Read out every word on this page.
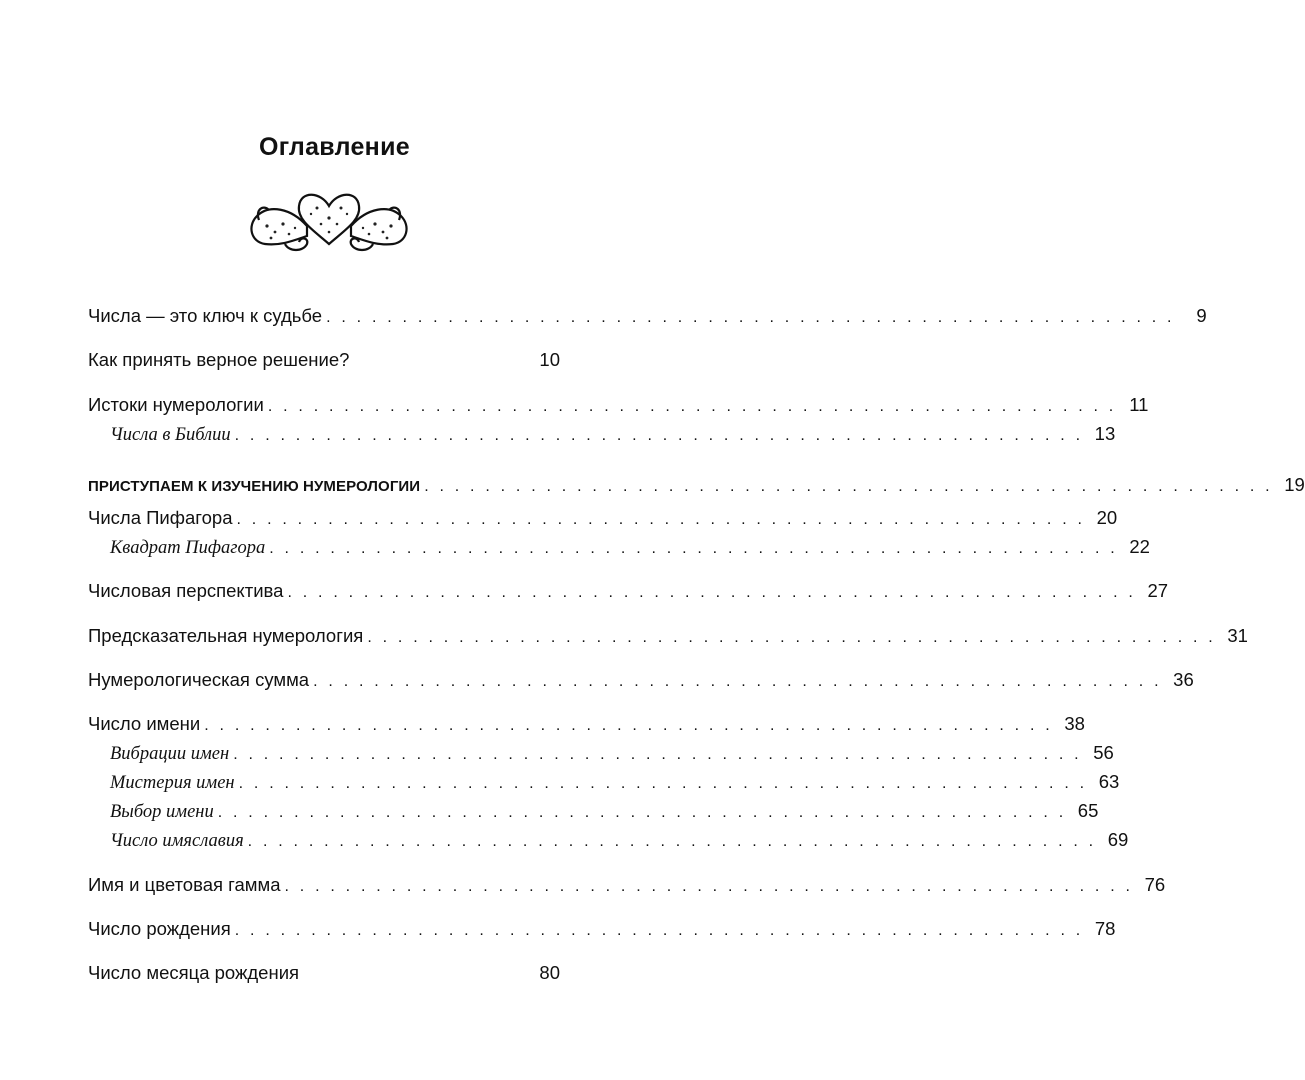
Оглавление
Числа — это ключ к судьбе . . . . . . . . . . . . . . . . . . . . . . . . . . . . . . . . . . . . . . . . . . . . . . . . . . . . . . . .	9
Как принять верное решение?	10
Истоки нумерологии . . . . . . . . . . . . . . . . . . . . . . . . . . . . . . . . . . . . . . . . . . . . . . . . . . . . . . . . 11
Числа в Библии . . . . . . . . . . . . . . . . . . . . . . . . . . . . . . . . . . . . . . . . . . . . . . . . . . . . . . . . 13
ПРИСТУПАЕМ К ИЗУЧЕНИЮ НУМЕРОЛОГИИ . . . . . . . . . . . . . . . . . . . . . . . . . . . . . . . . . . . . . . . . . . . . . . . . . . . . . . . . 19
Числа Пифагора . . . . . . . . . . . . . . . . . . . . . . . . . . . . . . . . . . . . . . . . . . . . . . . . . . . . . . . . 20
Квадрат Пифагора . . . . . . . . . . . . . . . . . . . . . . . . . . . . . . . . . . . . . . . . . . . . . . . . . . . . . . . . 22
Числовая перспектива . . . . . . . . . . . . . . . . . . . . . . . . . . . . . . . . . . . . . . . . . . . . . . . . . . . . . . . . 27
Предсказательная нумерология . . . . . . . . . . . . . . . . . . . . . . . . . . . . . . . . . . . . . . . . . . . . . . . . . . . . . . . . 31
Нумерологическая сумма . . . . . . . . . . . . . . . . . . . . . . . . . . . . . . . . . . . . . . . . . . . . . . . . . . . . . . . . 36
Число имени . . . . . . . . . . . . . . . . . . . . . . . . . . . . . . . . . . . . . . . . . . . . . . . . . . . . . . . . 38
Вибрации имен . . . . . . . . . . . . . . . . . . . . . . . . . . . . . . . . . . . . . . . . . . . . . . . . . . . . . . . . 56
Мистерия имен . . . . . . . . . . . . . . . . . . . . . . . . . . . . . . . . . . . . . . . . . . . . . . . . . . . . . . . . 63
Выбор имени . . . . . . . . . . . . . . . . . . . . . . . . . . . . . . . . . . . . . . . . . . . . . . . . . . . . . . . . 65
Число имяславия . . . . . . . . . . . . . . . . . . . . . . . . . . . . . . . . . . . . . . . . . . . . . . . . . . . . . . . . 69
Имя и цветовая гамма . . . . . . . . . . . . . . . . . . . . . . . . . . . . . . . . . . . . . . . . . . . . . . . . . . . . . . . . 76
Число рождения . . . . . . . . . . . . . . . . . . . . . . . . . . . . . . . . . . . . . . . . . . . . . . . . . . . . . . . . 78
Число месяца рождения	80
